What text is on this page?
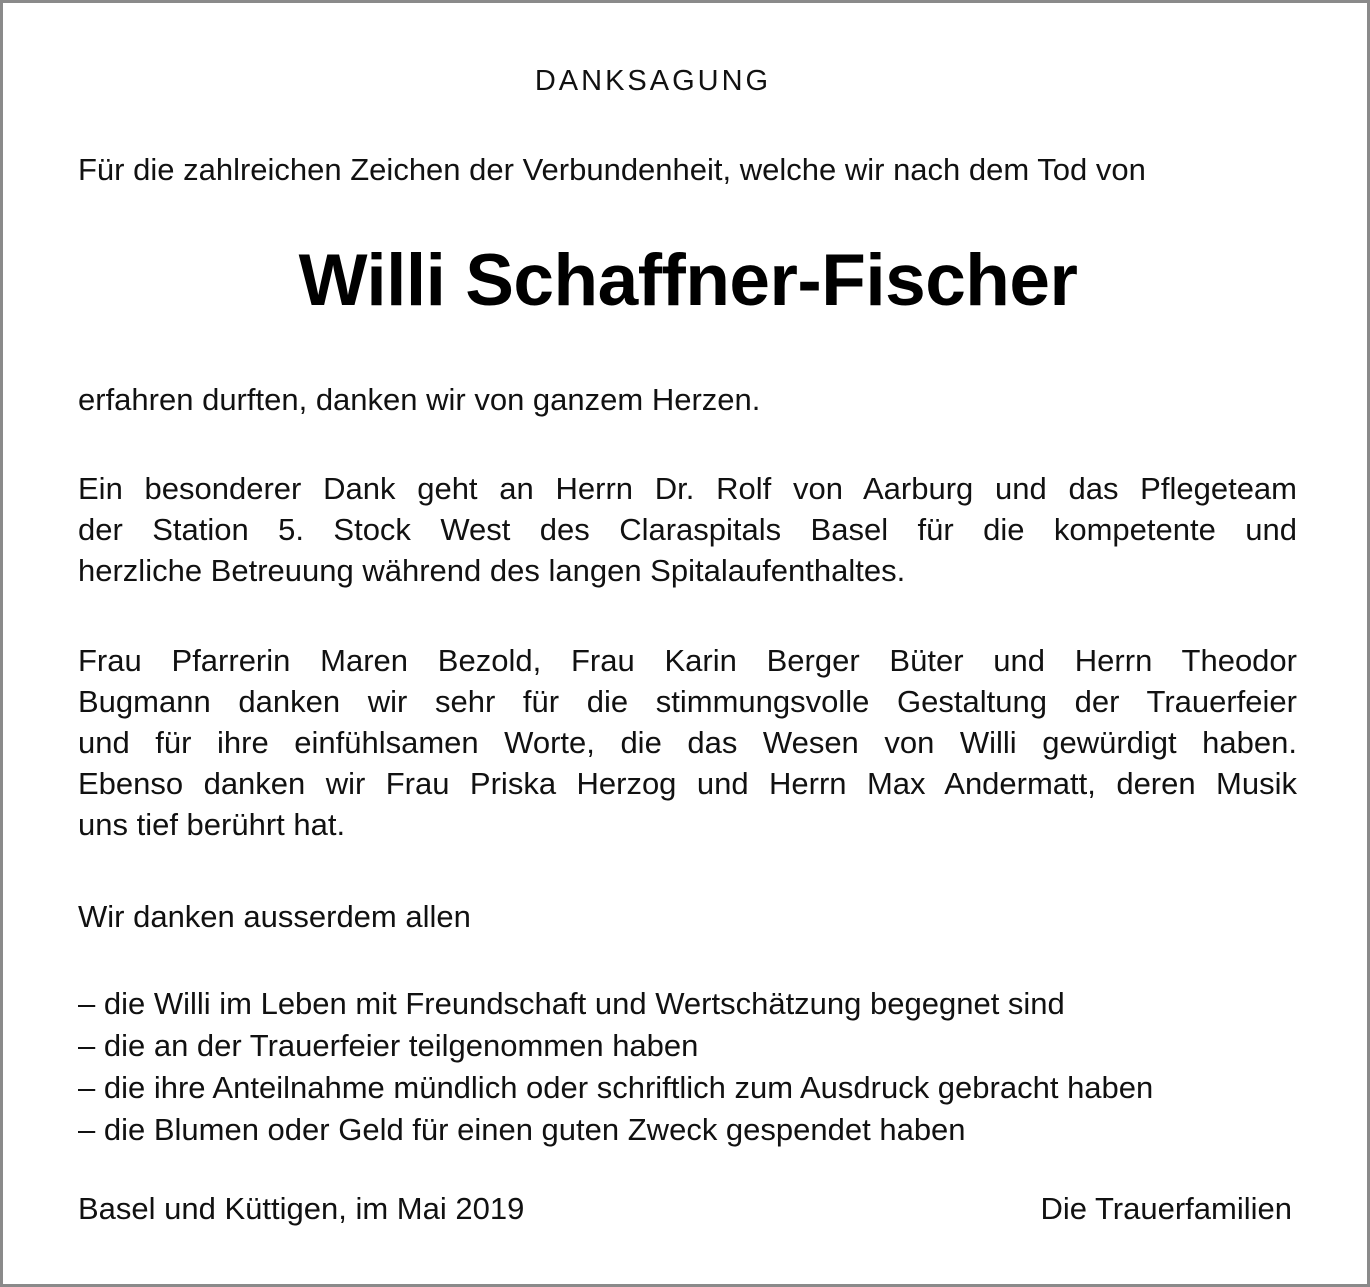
DANKSAGUNG
Für die zahlreichen Zeichen der Verbundenheit, welche wir nach dem Tod von
Willi Schaffner-Fischer
erfahren durften, danken wir von ganzem Herzen.
Ein besonderer Dank geht an Herrn Dr. Rolf von Aarburg und das Pflegeteam
der Station 5. Stock West des Claraspitals Basel für die kompetente und
herzliche Betreuung während des langen Spitalaufenthaltes.
Frau Pfarrerin Maren Bezold, Frau Karin Berger Büter und Herrn Theodor
Bugmann danken wir sehr für die stimmungsvolle Gestaltung der Trauerfeier
und für ihre einfühlsamen Worte, die das Wesen von Willi gewürdigt haben.
Ebenso danken wir Frau Priska Herzog und Herrn Max Andermatt, deren Musik
uns tief berührt hat.
Wir danken ausserdem allen
– die Willi im Leben mit Freundschaft und Wertschätzung begegnet sind
– die an der Trauerfeier teilgenommen haben
– die ihre Anteilnahme mündlich oder schriftlich zum Ausdruck gebracht haben
– die Blumen oder Geld für einen guten Zweck gespendet haben
Basel und Küttigen, im Mai 2019	Die Trauerfamilien
